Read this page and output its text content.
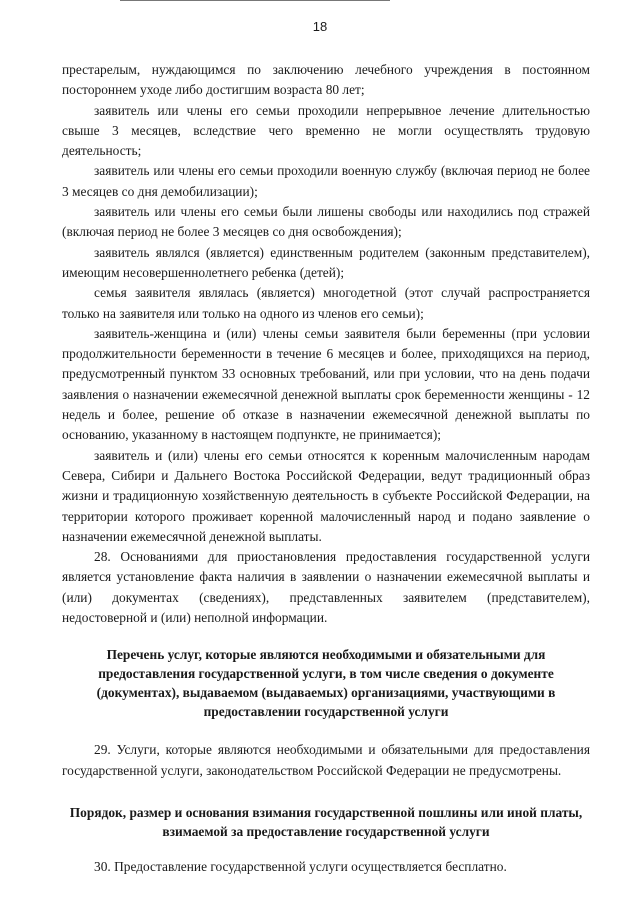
18

престарелым, нуждающимся по заключению лечебного учреждения в постоянном постороннем уходе либо достигшим возраста 80 лет;

заявитель или члены его семьи проходили непрерывное лечение длительностью свыше 3 месяцев, вследствие чего временно не могли осуществлять трудовую деятельность;

заявитель или члены его семьи проходили военную службу (включая период не более 3 месяцев со дня демобилизации);

заявитель или члены его семьи были лишены свободы или находились под стражей (включая период не более 3 месяцев со дня освобождения);

заявитель являлся (является) единственным родителем (законным представителем), имеющим несовершеннолетнего ребенка (детей);

семья заявителя являлась (является) многодетной (этот случай распространяется только на заявителя или только на одного из членов его семьи);

заявитель-женщина и (или) члены семьи заявителя были беременны (при условии продолжительности беременности в течение 6 месяцев и более, приходящихся на период, предусмотренный пунктом 33 основных требований, или при условии, что на день подачи заявления о назначении ежемесячной денежной выплаты срок беременности женщины - 12 недель и более, решение об отказе в назначении ежемесячной денежной выплаты по основанию, указанному в настоящем подпункте, не принимается);

заявитель и (или) члены его семьи относятся к коренным малочисленным народам Севера, Сибири и Дальнего Востока Российской Федерации, ведут традиционный образ жизни и традиционную хозяйственную деятельность в субъекте Российской Федерации, на территории которого проживает коренной малочисленный народ и подано заявление о назначении ежемесячной денежной выплаты.

28. Основаниями для приостановления предоставления государственной услуги является установление факта наличия в заявлении о назначении ежемесячной выплаты и (или) документах (сведениях), представленных заявителем (представителем), недостоверной и (или) неполной информации.

Перечень услуг, которые являются необходимыми и обязательными для предоставления государственной услуги, в том числе сведения о документе (документах), выдаваемом (выдаваемых) организациями, участвующими в предоставлении государственной услуги

29. Услуги, которые являются необходимыми и обязательными для предоставления государственной услуги, законодательством Российской Федерации не предусмотрены.

Порядок, размер и основания взимания государственной пошлины или иной платы, взимаемой за предоставление государственной услуги

30. Предоставление государственной услуги осуществляется бесплатно.
